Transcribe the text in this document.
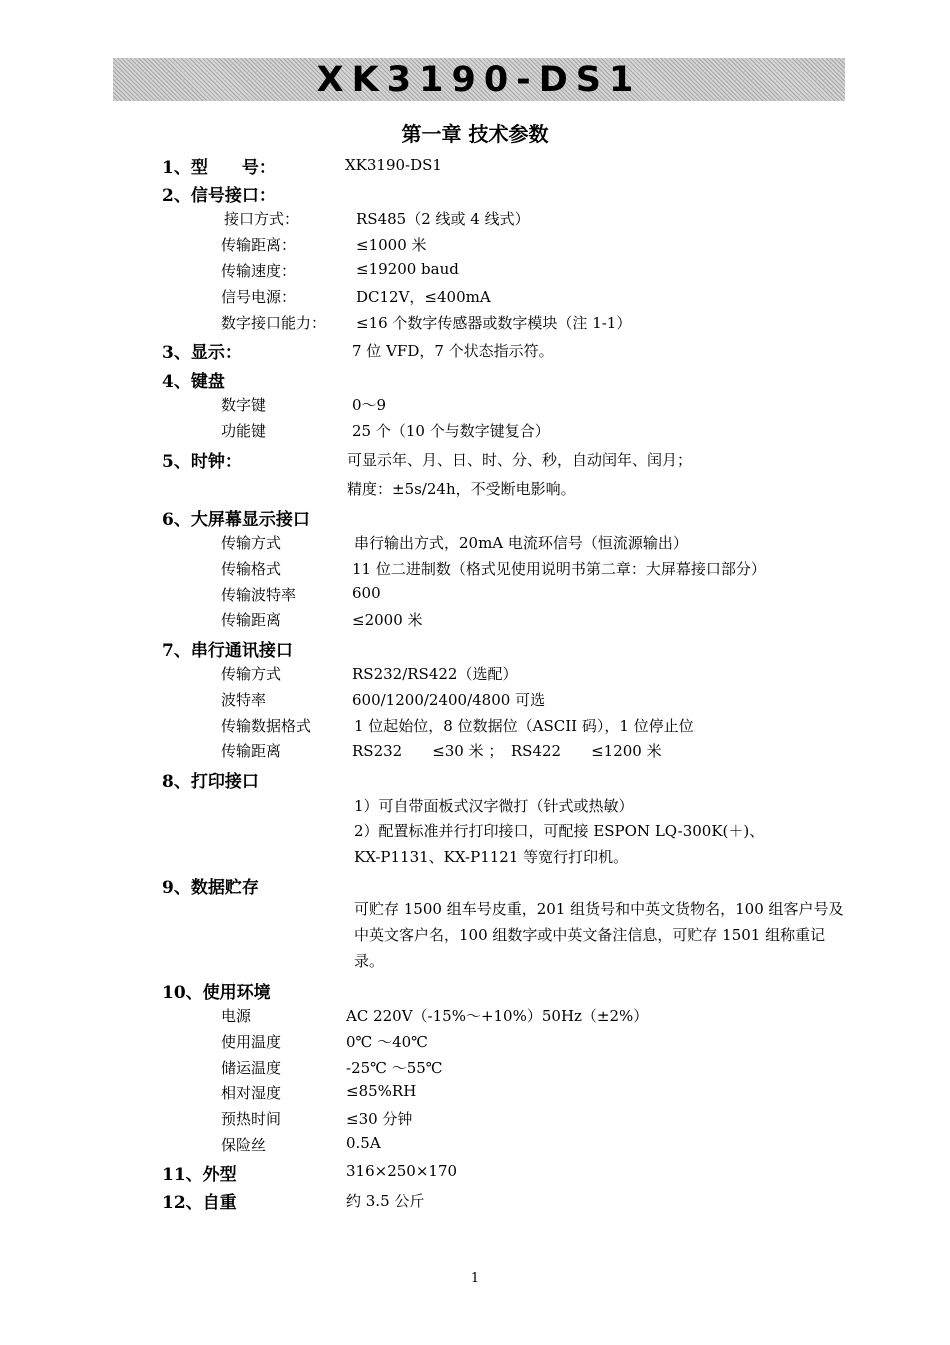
XK3190-DS1
第一章 技术参数
1、型　　号：	XK3190-DS1
2、信号接口：
接口方式：	RS485（2 线或 4 线式）
传输距离：	≤1000 米
传输速度：	≤19200 baud
信号电源：	DC12V，≤400mA
数字接口能力： ≤16 个数字传感器或数字模块（注 1-1）
3、显示：	7 位 VFD，7 个状态指示符。
4、键盘
数字键	0～9
功能键	25 个（10 个与数字键复合）
5、时钟：	可显示年、月、日、时、分、秒，自动闰年、闰月；
精度：±5s/24h，不受断电影响。
6、大屏幕显示接口
传输方式	串行输出方式，20mA 电流环信号（恒流源输出）
传输格式	11 位二进制数（格式见使用说明书第二章：大屏幕接口部分）
传输波特率	600
传输距离	≤2000 米
7、串行通讯接口
传输方式	RS232/RS422（选配）
波特率	600/1200/2400/4800 可选
传输数据格式	1 位起始位，8 位数据位（ASCII 码），1 位停止位
传输距离	RS232　　≤30 米 ；　RS422　　≤1200 米
8、打印接口
1）可自带面板式汉字微打（针式或热敏）
2）配置标准并行打印接口，可配接 ESPON LQ-300K(＋)、
KX-P1131、KX-P1121 等宽行打印机。
9、数据贮存
可贮存 1500 组车号皮重，201 组货号和中英文货物名，100 组客户号及中英文客户名，100 组数字或中英文备注信息，可贮存 1501 组称重记录。
10、使用环境
电源	AC 220V（-15%～+10%）50Hz（±2%）
使用温度	0℃ ～40℃
储运温度	-25℃ ～55℃
相对湿度	≤85%RH
预热时间	≤30 分钟
保险丝	0.5A
11、外型	316×250×170
12、自重	约 3.5 公斤
1
